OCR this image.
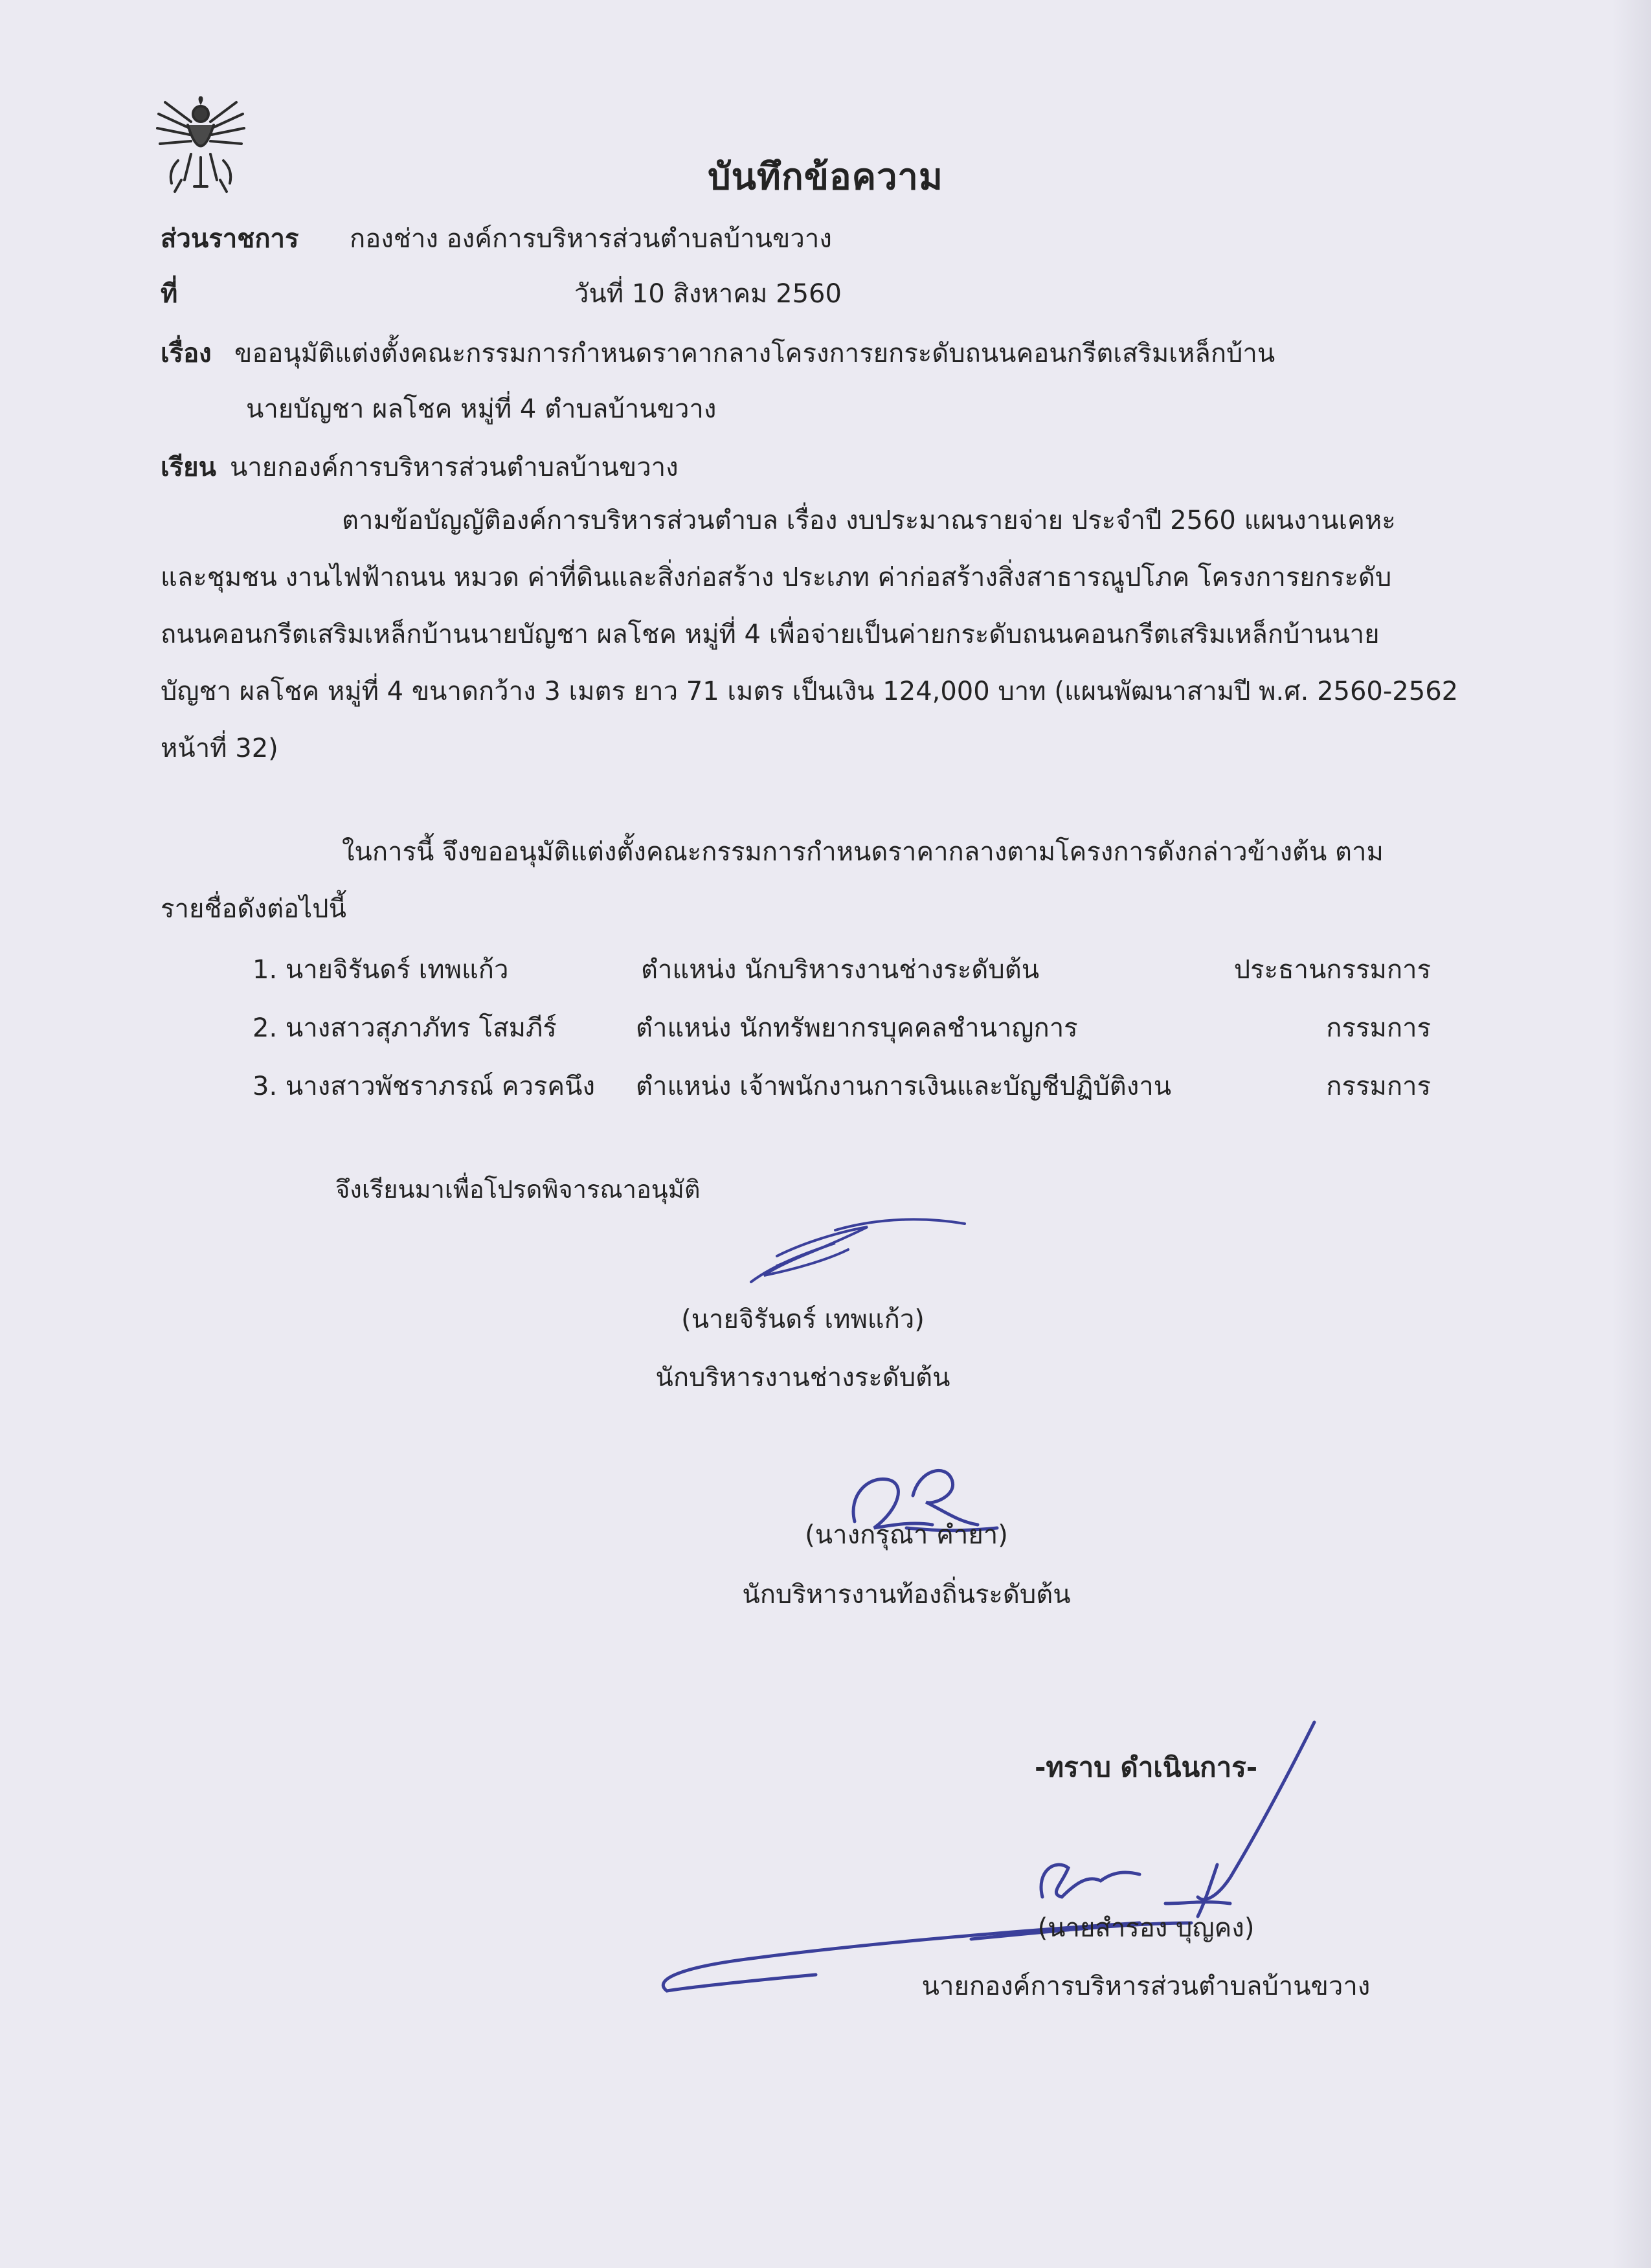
บันทึกข้อความ
ส่วนราชการ กองช่าง องค์การบริหารส่วนตำบลบ้านขวาง
ที่	วันที่ 10 สิงหาคม 2560
เรื่อง ขออนุมัติแต่งตั้งคณะกรรมการกำหนดราคากลางโครงการยกระดับถนนคอนกรีตเสริมเหล็กบ้าน
นายบัญชา ผลโชค หมู่ที่ 4 ตำบลบ้านขวาง
เรียน นายกองค์การบริหารส่วนตำบลบ้านขวาง
ตามข้อบัญญัติองค์การบริหารส่วนตำบล เรื่อง งบประมาณรายจ่าย ประจำปี 2560 แผนงานเคหะ
และชุมชน งานไฟฟ้าถนน หมวด ค่าที่ดินและสิ่งก่อสร้าง ประเภท ค่าก่อสร้างสิ่งสาธารณูปโภค โครงการยกระดับ
ถนนคอนกรีตเสริมเหล็กบ้านนายบัญชา ผลโชค หมู่ที่ 4 เพื่อจ่ายเป็นค่ายกระดับถนนคอนกรีตเสริมเหล็กบ้านนาย
บัญชา ผลโชค หมู่ที่ 4 ขนาดกว้าง 3 เมตร ยาว 71 เมตร เป็นเงิน 124,000 บาท (แผนพัฒนาสามปี พ.ศ. 2560-2562
หน้าที่ 32)
ในการนี้ จึงขออนุมัติแต่งตั้งคณะกรรมการกำหนดราคากลางตามโครงการดังกล่าวข้างต้น ตาม
รายชื่อดังต่อไปนี้
1. นายจิรันดร์ เทพแก้ว	ตำแหน่ง นักบริหารงานช่างระดับต้น	ประธานกรรมการ
2. นางสาวสุภาภัทร โสมภีร์	ตำแหน่ง นักทรัพยากรบุคคลชำนาญการ	กรรมการ
3. นางสาวพัชราภรณ์ ควรคนึง ตำแหน่ง เจ้าพนักงานการเงินและบัญชีปฏิบัติงาน	กรรมการ
จึงเรียนมาเพื่อโปรดพิจารณาอนุมัติ
(นายจิรันดร์ เทพแก้ว)
นักบริหารงานช่างระดับต้น
(นางกรุณา คำยา)
นักบริหารงานท้องถิ่นระดับต้น
-ทราบ ดำเนินการ-
(นายสำรอง บุญคง)
นายกองค์การบริหารส่วนตำบลบ้านขวาง
